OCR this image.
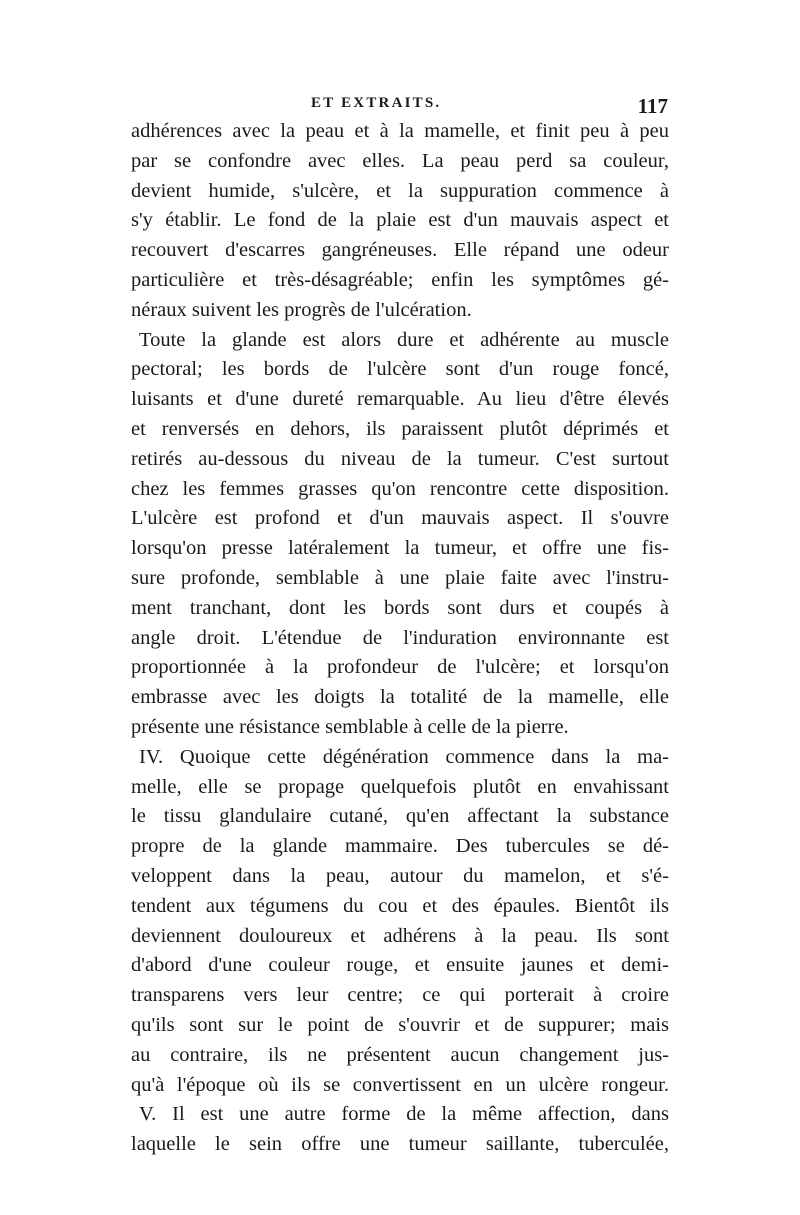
ET EXTRAITS.	117
adhérences avec la peau et à la mamelle, et finit peu à peu
par se confondre avec elles. La peau perd sa couleur,
devient humide, s'ulcère, et la suppuration commence à
s'y établir. Le fond de la plaie est d'un mauvais aspect et
recouvert d'escarres gangréneuses. Elle répand une odeur
particulière et très-désagréable; enfin les symptômes gé-
néraux suivent les progrès de l'ulcération.
Toute la glande est alors dure et adhérente au muscle
pectoral; les bords de l'ulcère sont d'un rouge foncé,
luisants et d'une dureté remarquable. Au lieu d'être élevés
et renversés en dehors, ils paraissent plutôt déprimés et
retirés au-dessous du niveau de la tumeur. C'est surtout
chez les femmes grasses qu'on rencontre cette disposition.
L'ulcère est profond et d'un mauvais aspect. Il s'ouvre
lorsqu'on presse latéralement la tumeur, et offre une fis-
sure profonde, semblable à une plaie faite avec l'instru-
ment tranchant, dont les bords sont durs et coupés à
angle droit. L'étendue de l'induration environnante est
proportionnée à la profondeur de l'ulcère; et lorsqu'on
embrasse avec les doigts la totalité de la mamelle, elle
présente une résistance semblable à celle de la pierre.
IV. Quoique cette dégénération commence dans la ma-
melle, elle se propage quelquefois plutôt en envahissant
le tissu glandulaire cutané, qu'en affectant la substance
propre de la glande mammaire. Des tubercules se dé-
veloppent dans la peau, autour du mamelon, et s'é-
tendent aux tégumens du cou et des épaules. Bientôt ils
deviennent douloureux et adhérens à la peau. Ils sont
d'abord d'une couleur rouge, et ensuite jaunes et demi-
transparens vers leur centre; ce qui porterait à croire
qu'ils sont sur le point de s'ouvrir et de suppurer; mais
au contraire, ils ne présentent aucun changement jus-
qu'à l'époque où ils se convertissent en un ulcère rongeur.
V. Il est une autre forme de la même affection, dans
laquelle le sein offre une tumeur saillante, tuberculée,
